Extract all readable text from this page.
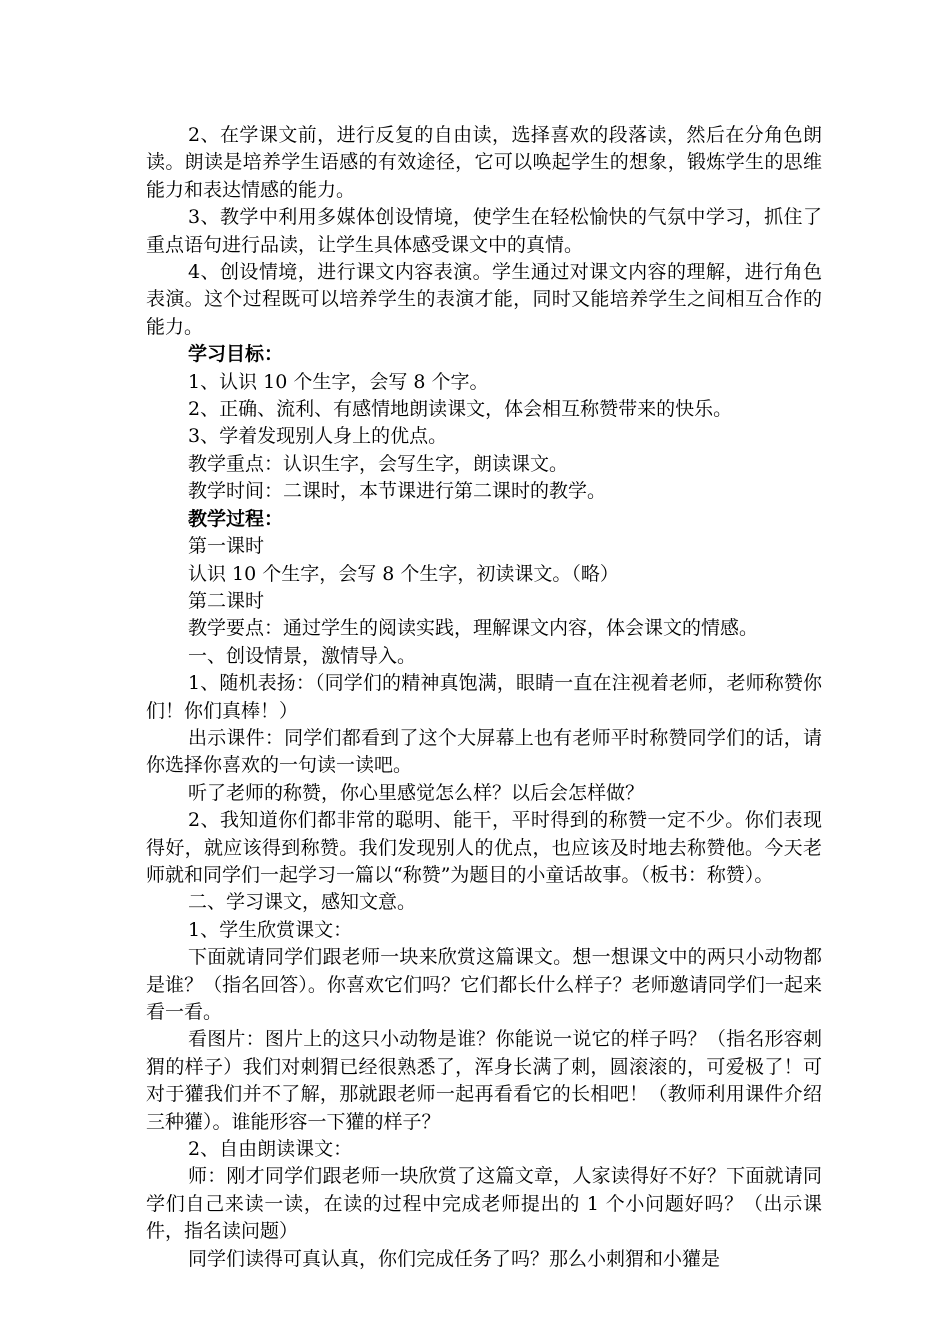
2、在学课文前，进行反复的自由读，选择喜欢的段落读，然后在分角色朗读。朗读是培养学生语感的有效途径，它可以唤起学生的想象，锻炼学生的思维能力和表达情感的能力。

3、教学中利用多媒体创设情境，使学生在轻松愉快的气氛中学习，抓住了重点语句进行品读，让学生具体感受课文中的真情。

4、创设情境，进行课文内容表演。学生通过对课文内容的理解，进行角色表演。这个过程既可以培养学生的表演才能，同时又能培养学生之间相互合作的能力。

学习目标：

1、认识 10 个生字，会写 8 个字。

2、正确、流利、有感情地朗读课文，体会相互称赞带来的快乐。

3、学着发现别人身上的优点。

教学重点：认识生字，会写生字，朗读课文。

教学时间：二课时，本节课进行第二课时的教学。

教学过程：

第一课时

认识 10 个生字，会写 8 个生字，初读课文。（略）

第二课时

教学要点：通过学生的阅读实践，理解课文内容，体会课文的情感。

一、创设情景，激情导入。

1、随机表扬：（同学们的精神真饱满，眼睛一直在注视着老师，老师称赞你们！你们真棒！）

出示课件：同学们都看到了这个大屏幕上也有老师平时称赞同学们的话，请你选择你喜欢的一句读一读吧。

听了老师的称赞，你心里感觉怎么样？以后会怎样做？

2、我知道你们都非常的聪明、能干，平时得到的称赞一定不少。你们表现得好，就应该得到称赞。我们发现别人的优点，也应该及时地去称赞他。今天老师就和同学们一起学习一篇以“称赞”为题目的小童话故事。（板书：称赞）。

二、学习课文，感知文意。

1、学生欣赏课文：

下面就请同学们跟老师一块来欣赏这篇课文。想一想课文中的两只小动物都是谁？（指名回答）。你喜欢它们吗？它们都长什么样子？老师邀请同学们一起来看一看。

看图片：图片上的这只小动物是谁？你能说一说它的样子吗？（指名形容刺猬的样子）我们对刺猬已经很熟悉了，浑身长满了刺，圆滚滚的，可爱极了！可对于獾我们并不了解，那就跟老师一起再看看它的长相吧！（教师利用课件介绍三种獾）。谁能形容一下獾的样子？

2、自由朗读课文：

师：刚才同学们跟老师一块欣赏了这篇文章，人家读得好不好？下面就请同学们自己来读一读，在读的过程中完成老师提出的 1 个小问题好吗？（出示课件，指名读问题）

同学们读得可真认真，你们完成任务了吗？那么小刺猬和小獾是
